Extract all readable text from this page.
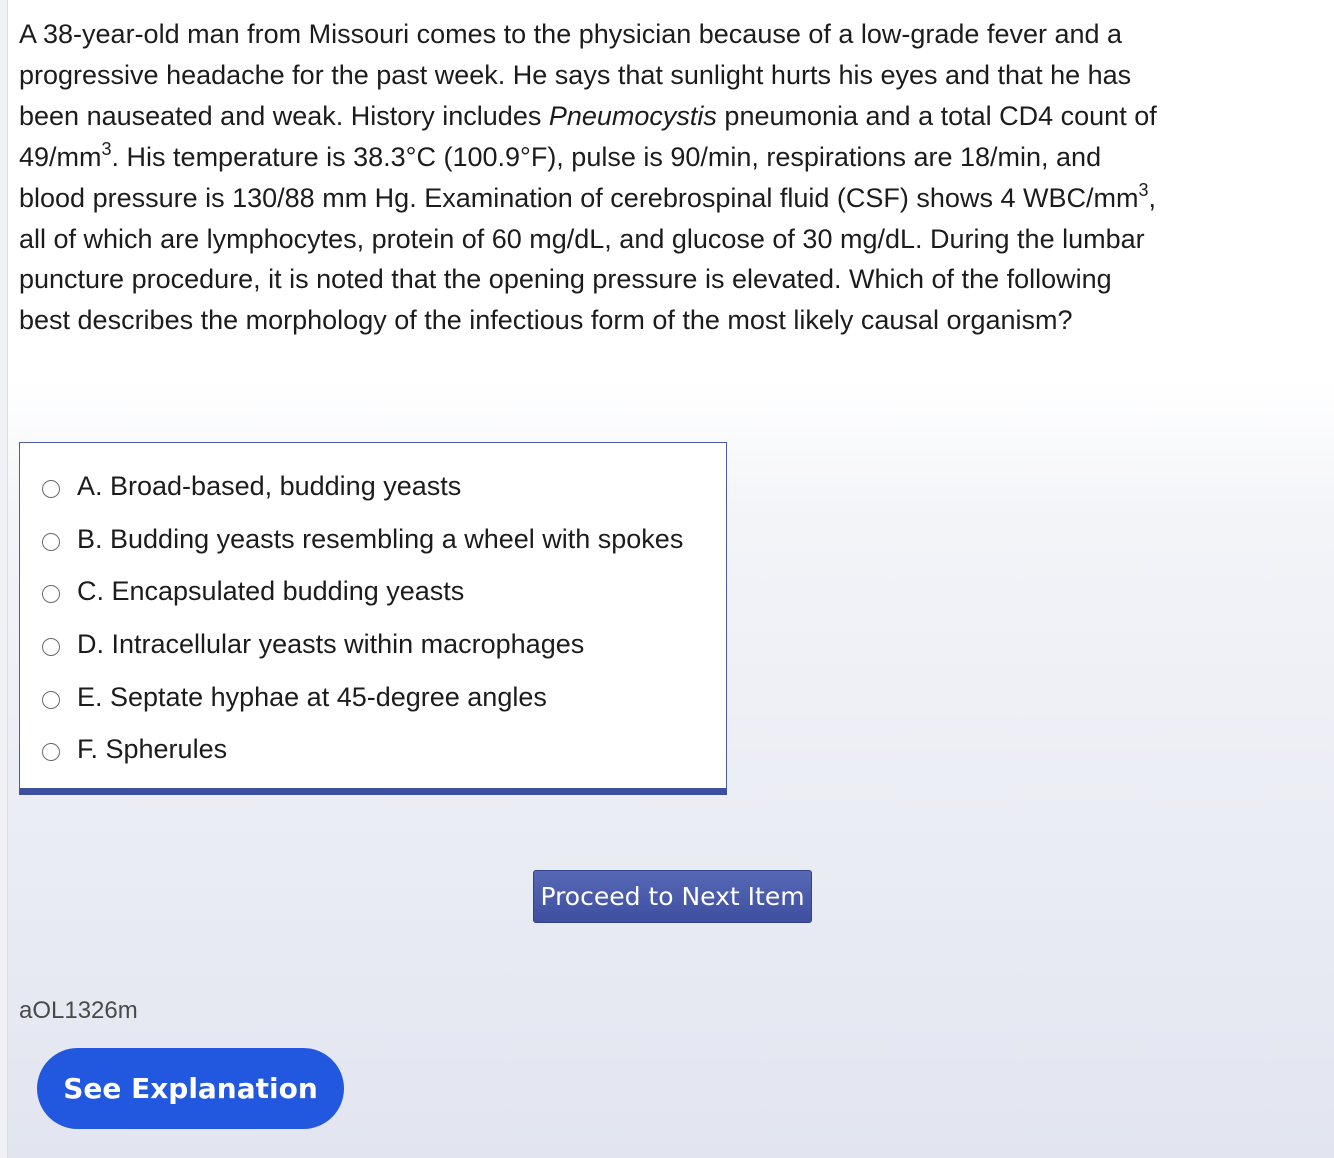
A 38-year-old man from Missouri comes to the physician because of a low-grade fever and a progressive headache for the past week. He says that sunlight hurts his eyes and that he has been nauseated and weak. History includes Pneumocystis pneumonia and a total CD4 count of $49/mm^3$. His temperature is 38.3°C (100.9°F), pulse is 90/min, respirations are 18/min, and blood pressure is 130/88 mm Hg. Examination of cerebrospinal fluid (CSF) shows 4 WBC/$mm^3$, all of which are lymphocytes, protein of 60 mg/dL, and glucose of 30 mg/dL. During the lumbar puncture procedure, it is noted that the opening pressure is elevated. Which of the following best describes the morphology of the infectious form of the most likely causal organism?

A. Broad-based, budding yeasts
B. Budding yeasts resembling a wheel with spokes
C. Encapsulated budding yeasts
D. Intracellular yeasts within macrophages
E. Septate hyphae at 45-degree angles
F. Spherules
Proceed to Next Item
aOL1326m
See Explanation
